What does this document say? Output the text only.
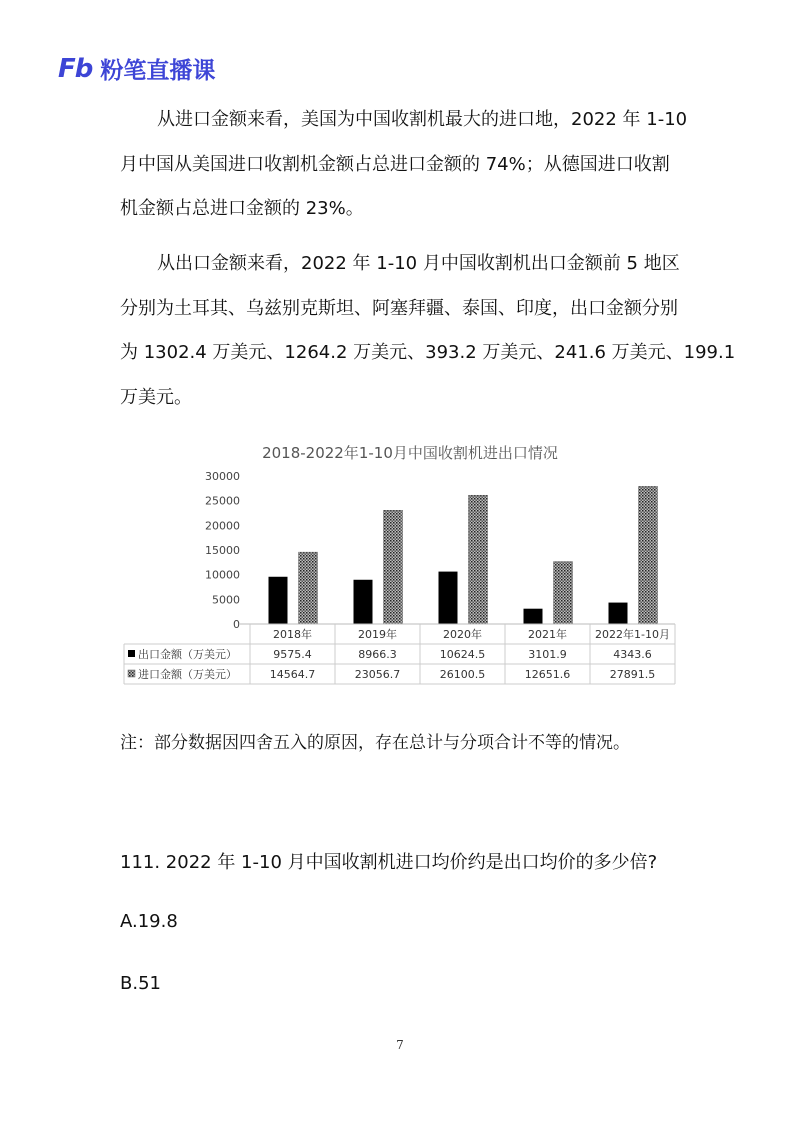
Fb 粉笔直播课

从进口金额来看，美国为中国收割机最大的进口地，2022 年 1-10
月中国从美国进口收割机金额占总进口金额的 74%；从德国进口收割
机金额占总进口金额的 23%。

从出口金额来看，2022 年 1-10 月中国收割机出口金额前 5 地区
分别为土耳其、乌兹别克斯坦、阿塞拜疆、泰国、印度，出口金额分别
为 1302.4 万美元、1264.2 万美元、393.2 万美元、241.6 万美元、199.1
万美元。

2018-2022年1-10月中国收割机进出口情况
0
5000
10000
15000
20000
25000
30000
2018年	2019年	2020年	2021年	2022年1-10月
出口金额（万美元）	9575.4	8966.3	10624.5	3101.9	4343.6
进口金额（万美元）	14564.7	23056.7	26100.5	12651.6	27891.5
注：部分数据因四舍五入的原因，存在总计与分项合计不等的情况。
111. 2022 年 1-10 月中国收割机进口均价约是出口均价的多少倍?
A.19.8
B.51
7
